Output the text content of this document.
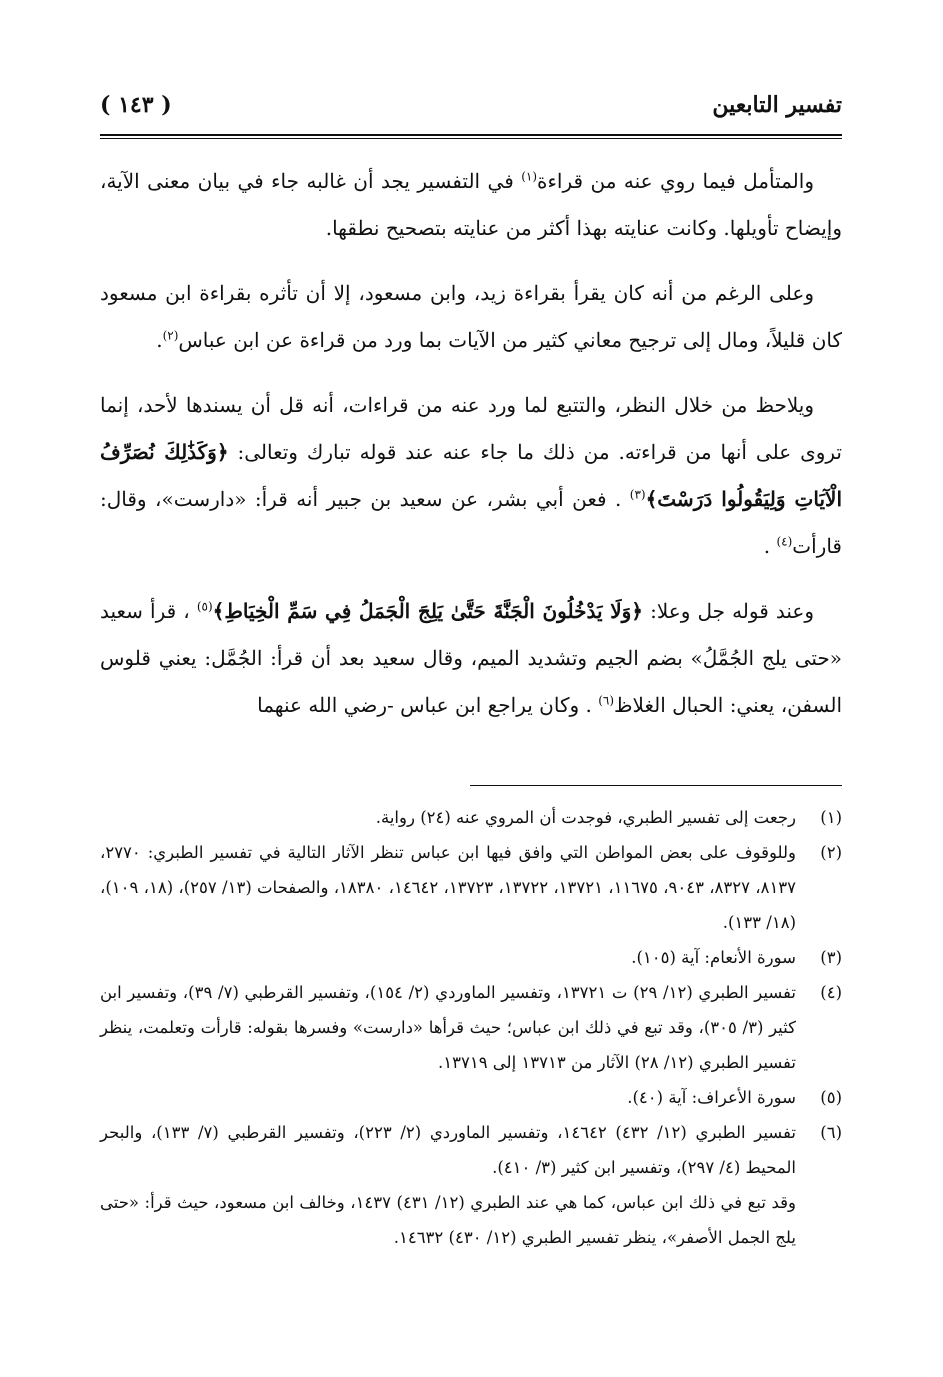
تفسير التابعين
( ١٤٣ )

والمتأمل فيما روي عنه من قراءة$^{(١)}$ في التفسير يجد أن غالبه جاء في بيان معنى الآية، وإيضاح تأويلها. وكانت عنايته بهذا أكثر من عنايته بتصحيح نطقها.

وعلى الرغم من أنه كان يقرأ بقراءة زيد، وابن مسعود، إلا أن تأثره بقراءة ابن مسعود كان قليلاً، ومال إلى ترجيح معاني كثير من الآيات بما ورد من قراءة عن ابن عباس$^{(٢)}$.

ويلاحظ من خلال النظر، والتتبع لما ورد عنه من قراءات، أنه قل أن يسندها لأحد، إنما تروى على أنها من قراءته. من ذلك ما جاء عنه عند قوله تبارك وتعالى: ﴿وَكَذَٰلِكَ نُصَرِّفُ الْآيَاتِ وَلِيَقُولُوا دَرَسْتَ﴾$^{(٣)}$ . فعن أبي بشر، عن سعيد بن جبير أنه قرأ: «دارست»، وقال: قارأت$^{(٤)}$ .

وعند قوله جل وعلا: ﴿وَلَا يَدْخُلُونَ الْجَنَّةَ حَتَّىٰ يَلِجَ الْجَمَلُ فِي سَمِّ الْخِيَاطِ﴾$^{(٥)}$ ، قرأ سعيد «حتى يلج الجُمَّلُ» بضم الجيم وتشديد الميم، وقال سعيد بعد أن قرأ: الجُمَّل: يعني قلوس السفن، يعني: الحبال الغلاظ$^{(٦)}$ . وكان يراجع ابن عباس -رضي الله عنهما

(١)
رجعت إلى تفسير الطبري، فوجدت أن المروي عنه (٢٤) رواية.
(٢)
وللوقوف على بعض المواطن التي وافق فيها ابن عباس تنظر الآثار التالية في تفسير الطبري: ٢٧٧٠، ٨١٣٧، ٨٣٢٧، ٩٠٤٣، ١١٦٧٥، ١٣٧٢١، ١٣٧٢٢، ١٣٧٢٣، ١٤٦٤٢، ١٨٣٨٠، والصفحات (١٣/ ٢٥٧)، (١٨، ١٠٩)، (١٨/ ١٣٣).
(٣)
سورة الأنعام: آية (١٠٥).
(٤)
تفسير الطبري (١٢/ ٢٩) ت ١٣٧٢١، وتفسير الماوردي (٢/ ١٥٤)، وتفسير القرطبي (٧/ ٣٩)، وتفسير ابن كثير (٣/ ٣٠٥)، وقد تبع في ذلك ابن عباس؛ حيث قرأها «دارست» وفسرها بقوله: قارأت وتعلمت، ينظر تفسير الطبري (١٢/ ٢٨) الآثار من ١٣٧١٣ إلى ١٣٧١٩.
(٥)
سورة الأعراف: آية (٤٠).
(٦)
تفسير الطبري (١٢/ ٤٣٢) ١٤٦٤٢، وتفسير الماوردي (٢/ ٢٢٣)، وتفسير القرطبي (٧/ ١٣٣)، والبحر المحيط (٤/ ٢٩٧)، وتفسير ابن كثير (٣/ ٤١٠).
وقد تبع في ذلك ابن عباس، كما هي عند الطبري (١٢/ ٤٣١) ١٤٣٧، وخالف ابن مسعود، حيث قرأ: «حتى يلج الجمل الأصفر»، ينظر تفسير الطبري (١٢/ ٤٣٠) ١٤٦٣٢.
